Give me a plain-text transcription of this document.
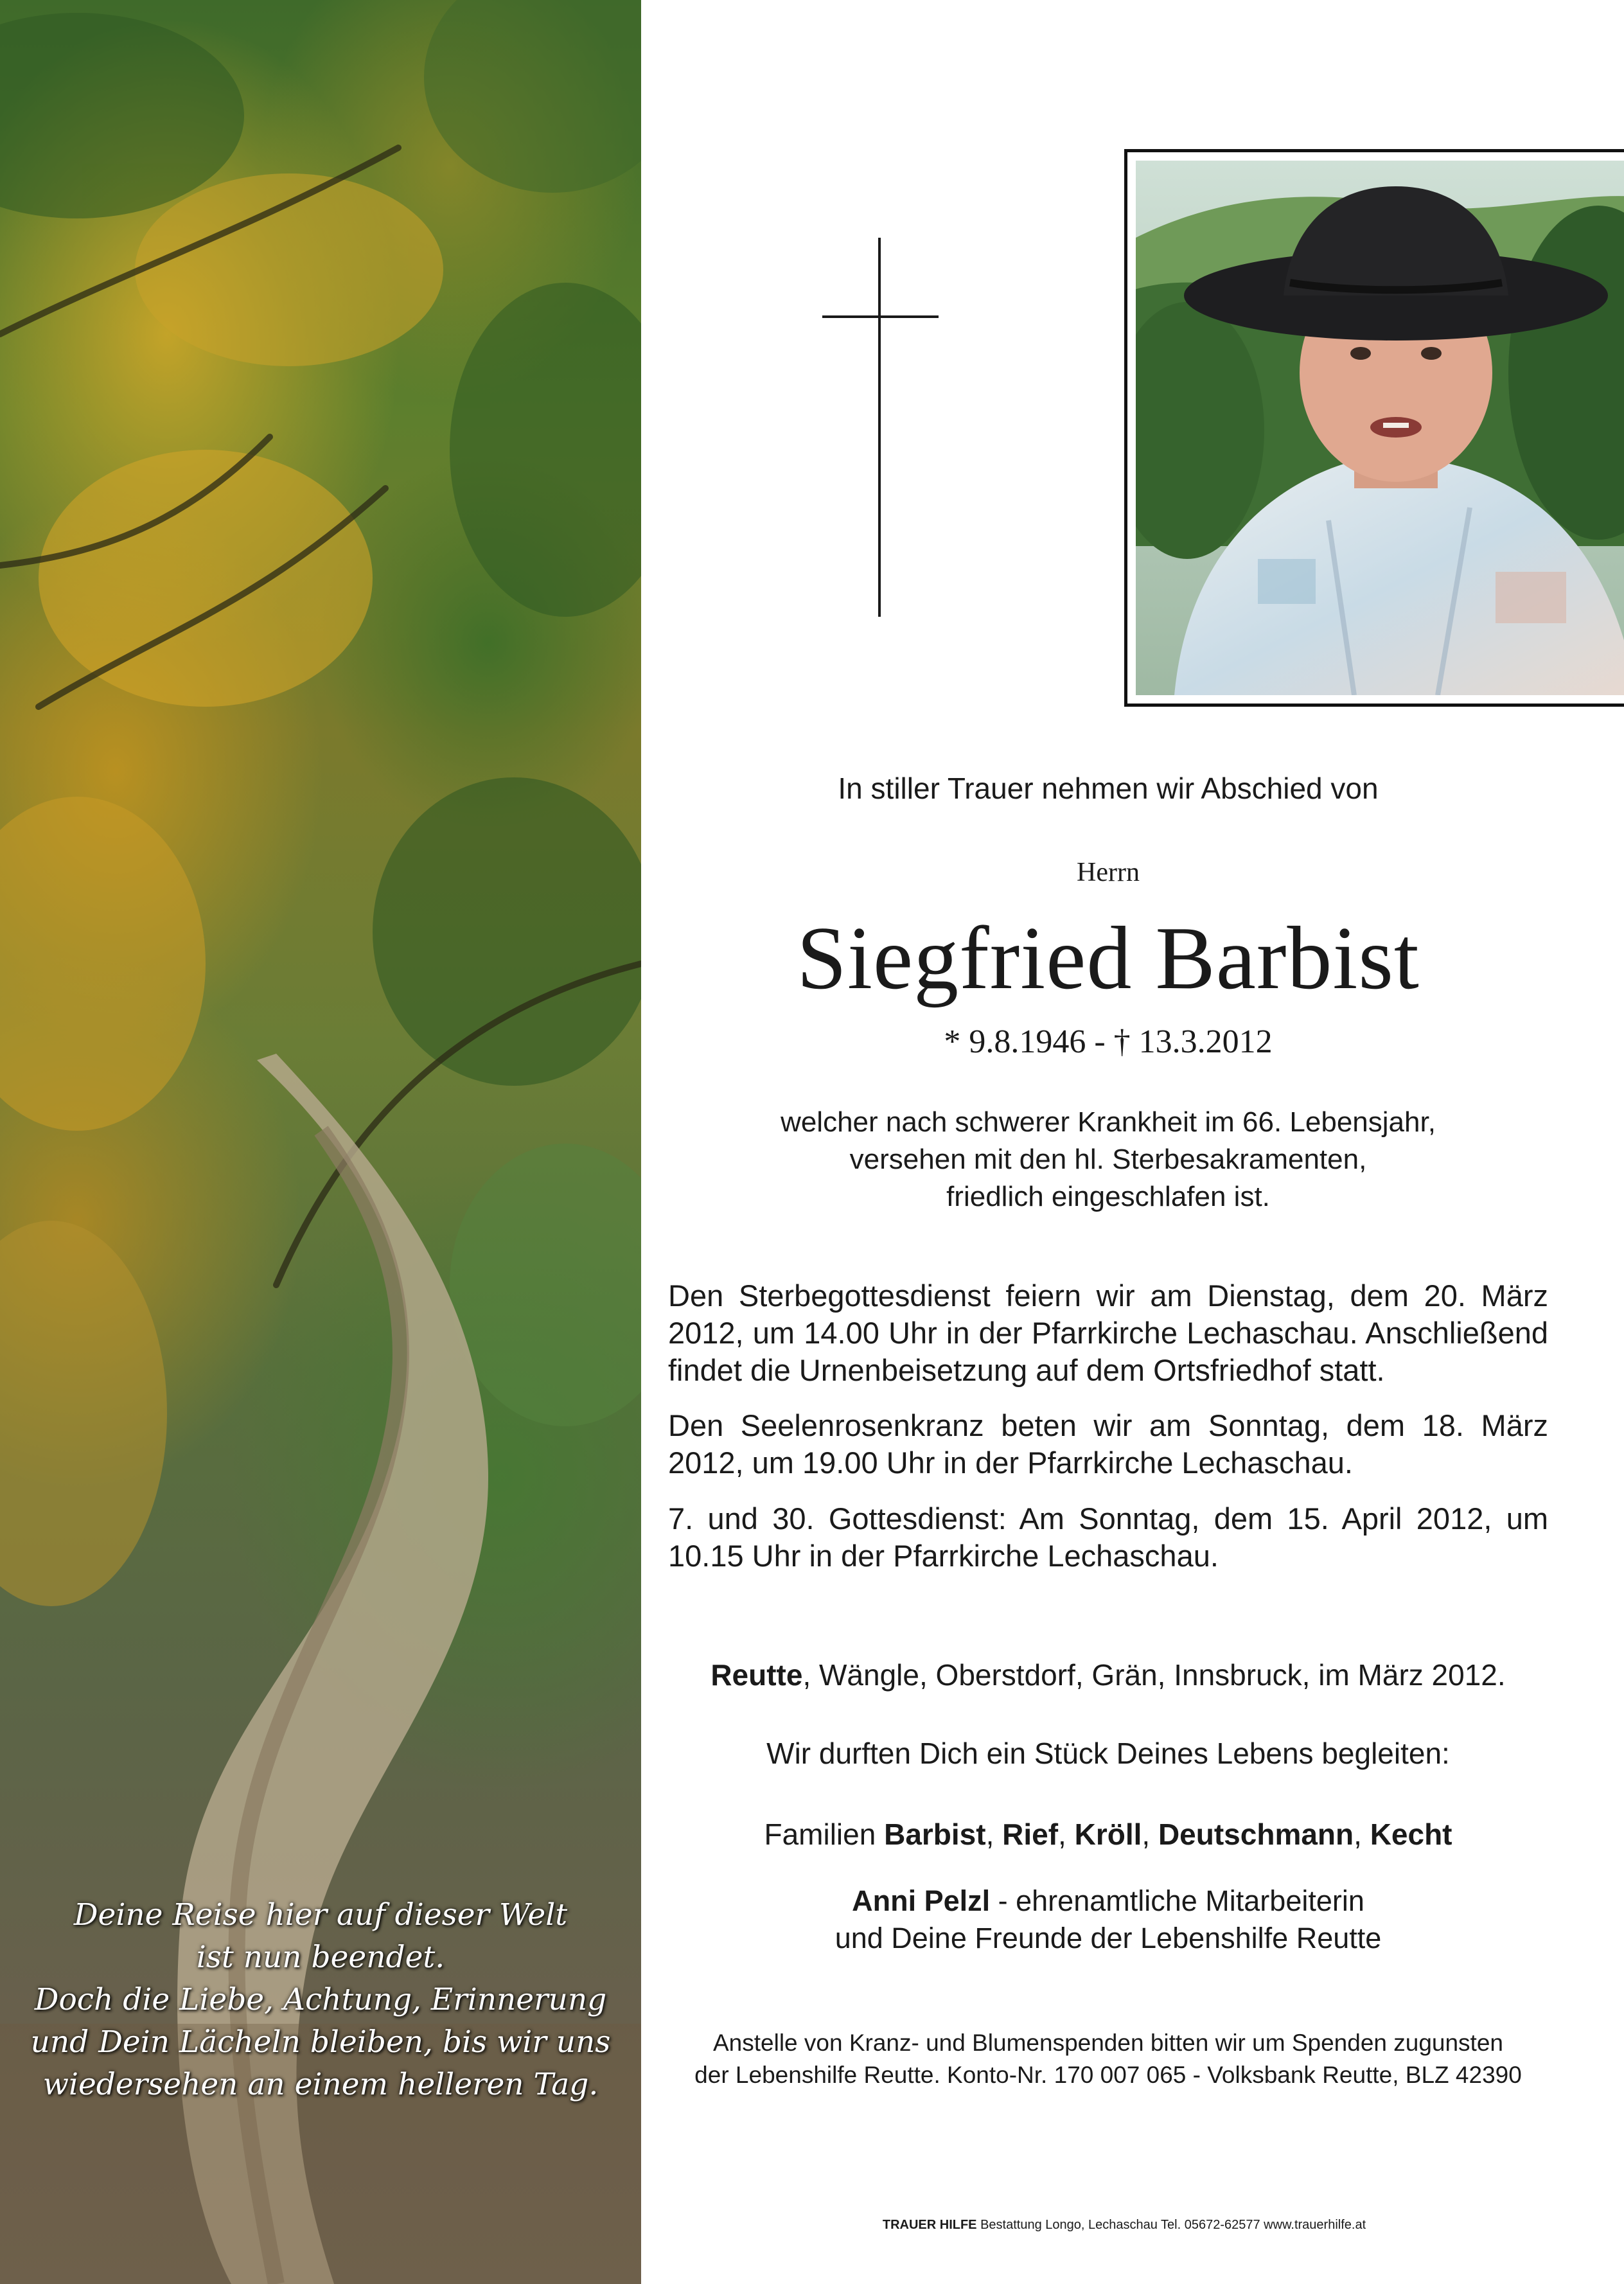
Deine Reise hier auf dieser Welt
ist nun beendet.
Doch die Liebe, Achtung, Erinnerung
und Dein Lächeln bleiben, bis wir uns
wiedersehen an einem helleren Tag.
In stiller Trauer nehmen wir Abschied von
Herrn
Siegfried Barbist
* 9.8.1946 - † 13.3.2012
welcher nach schwerer Krankheit im 66. Lebensjahr,
versehen mit den hl. Sterbesakramenten,
friedlich eingeschlafen ist.
Den Sterbegottesdienst feiern wir am Dienstag, dem 20. März 2012, um 14.00 Uhr in der Pfarrkirche Lechaschau. Anschließend findet die Urnenbeisetzung auf dem Ortsfriedhof statt.
Den Seelenrosenkranz beten wir am Sonntag, dem 18. März 2012, um 19.00 Uhr in der Pfarrkirche Lechaschau.
7. und 30. Gottesdienst: Am Sonntag, dem 15. April 2012, um 10.15 Uhr in der Pfarrkirche Lechaschau.
Reutte, Wängle, Oberstdorf, Grän, Innsbruck, im März 2012.
Wir durften Dich ein Stück Deines Lebens begleiten:
Familien Barbist, Rief, Kröll, Deutschmann, Kecht
Anni Pelzl - ehrenamtliche Mitarbeiterin
und Deine Freunde der Lebenshilfe Reutte
Anstelle von Kranz- und Blumenspenden bitten wir um Spenden zugunsten
der Lebenshilfe Reutte. Konto-Nr. 170 007 065 - Volksbank Reutte, BLZ 42390
TRAUER HILFE Bestattung Longo, Lechaschau Tel. 05672-62577 www.trauerhilfe.at
